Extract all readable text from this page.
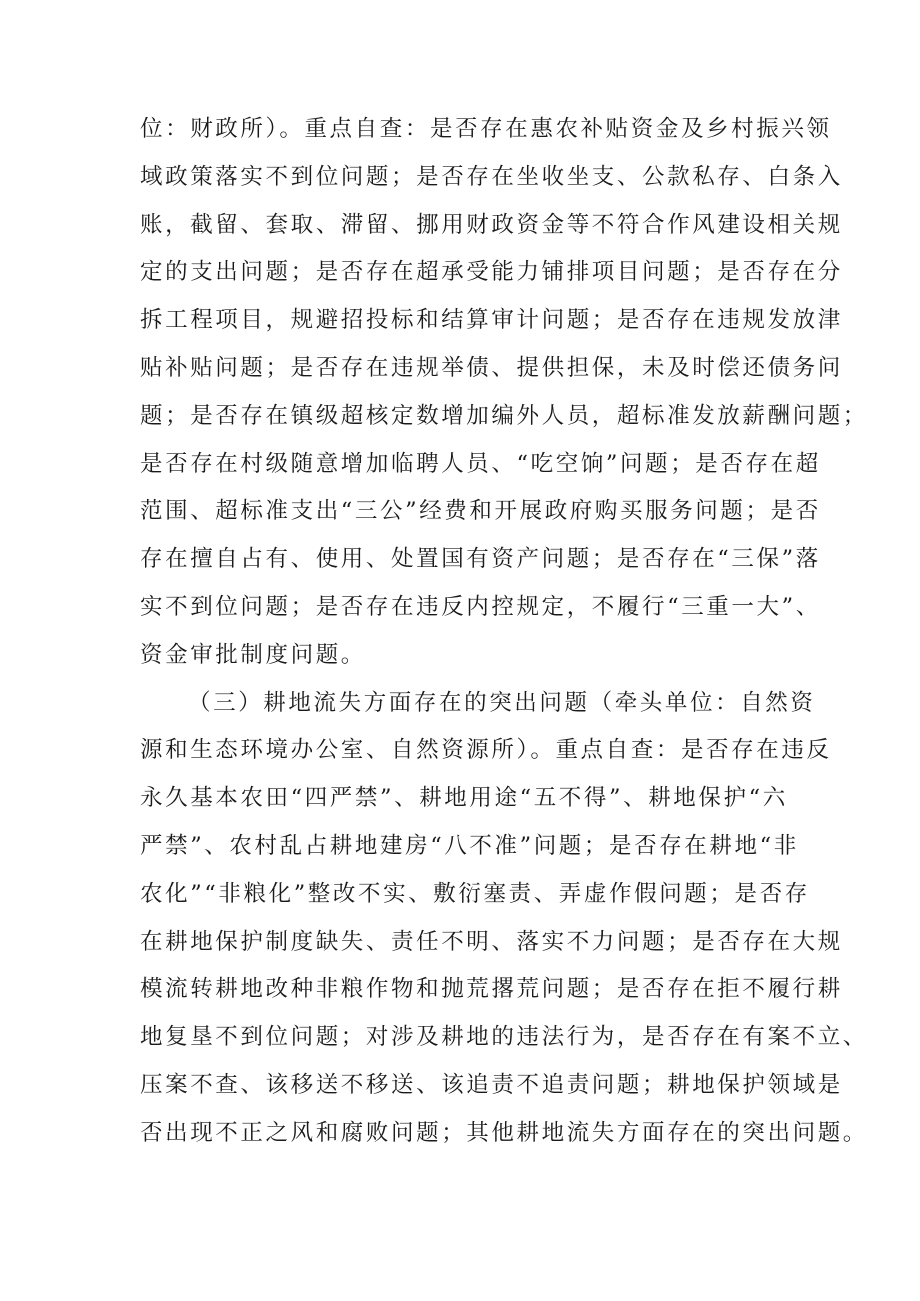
位：财政所）。重点自查：是否存在惠农补贴资金及乡村振兴领
域政策落实不到位问题；是否存在坐收坐支、公款私存、白条入
账，截留、套取、滞留、挪用财政资金等不符合作风建设相关规
定的支出问题；是否存在超承受能力铺排项目问题；是否存在分
拆工程项目，规避招投标和结算审计问题；是否存在违规发放津
贴补贴问题；是否存在违规举债、提供担保，未及时偿还债务问
题；是否存在镇级超核定数增加编外人员，超标准发放薪酬问题；
是否存在村级随意增加临聘人员、“吃空饷”问题；是否存在超
范围、超标准支出“三公”经费和开展政府购买服务问题；是否
存在擅自占有、使用、处置国有资产问题；是否存在“三保”落
实不到位问题；是否存在违反内控规定，不履行“三重一大”、
资金审批制度问题。
（三）耕地流失方面存在的突出问题（牵头单位：自然资
源和生态环境办公室、自然资源所）。重点自查：是否存在违反
永久基本农田“四严禁”、耕地用途“五不得”、耕地保护“六
严禁”、农村乱占耕地建房“八不准”问题；是否存在耕地“非
农化”“非粮化”整改不实、敷衍塞责、弄虚作假问题；是否存
在耕地保护制度缺失、责任不明、落实不力问题；是否存在大规
模流转耕地改种非粮作物和抛荒撂荒问题；是否存在拒不履行耕
地复垦不到位问题；对涉及耕地的违法行为，是否存在有案不立、
压案不查、该移送不移送、该追责不追责问题；耕地保护领域是
否出现不正之风和腐败问题；其他耕地流失方面存在的突出问题。
